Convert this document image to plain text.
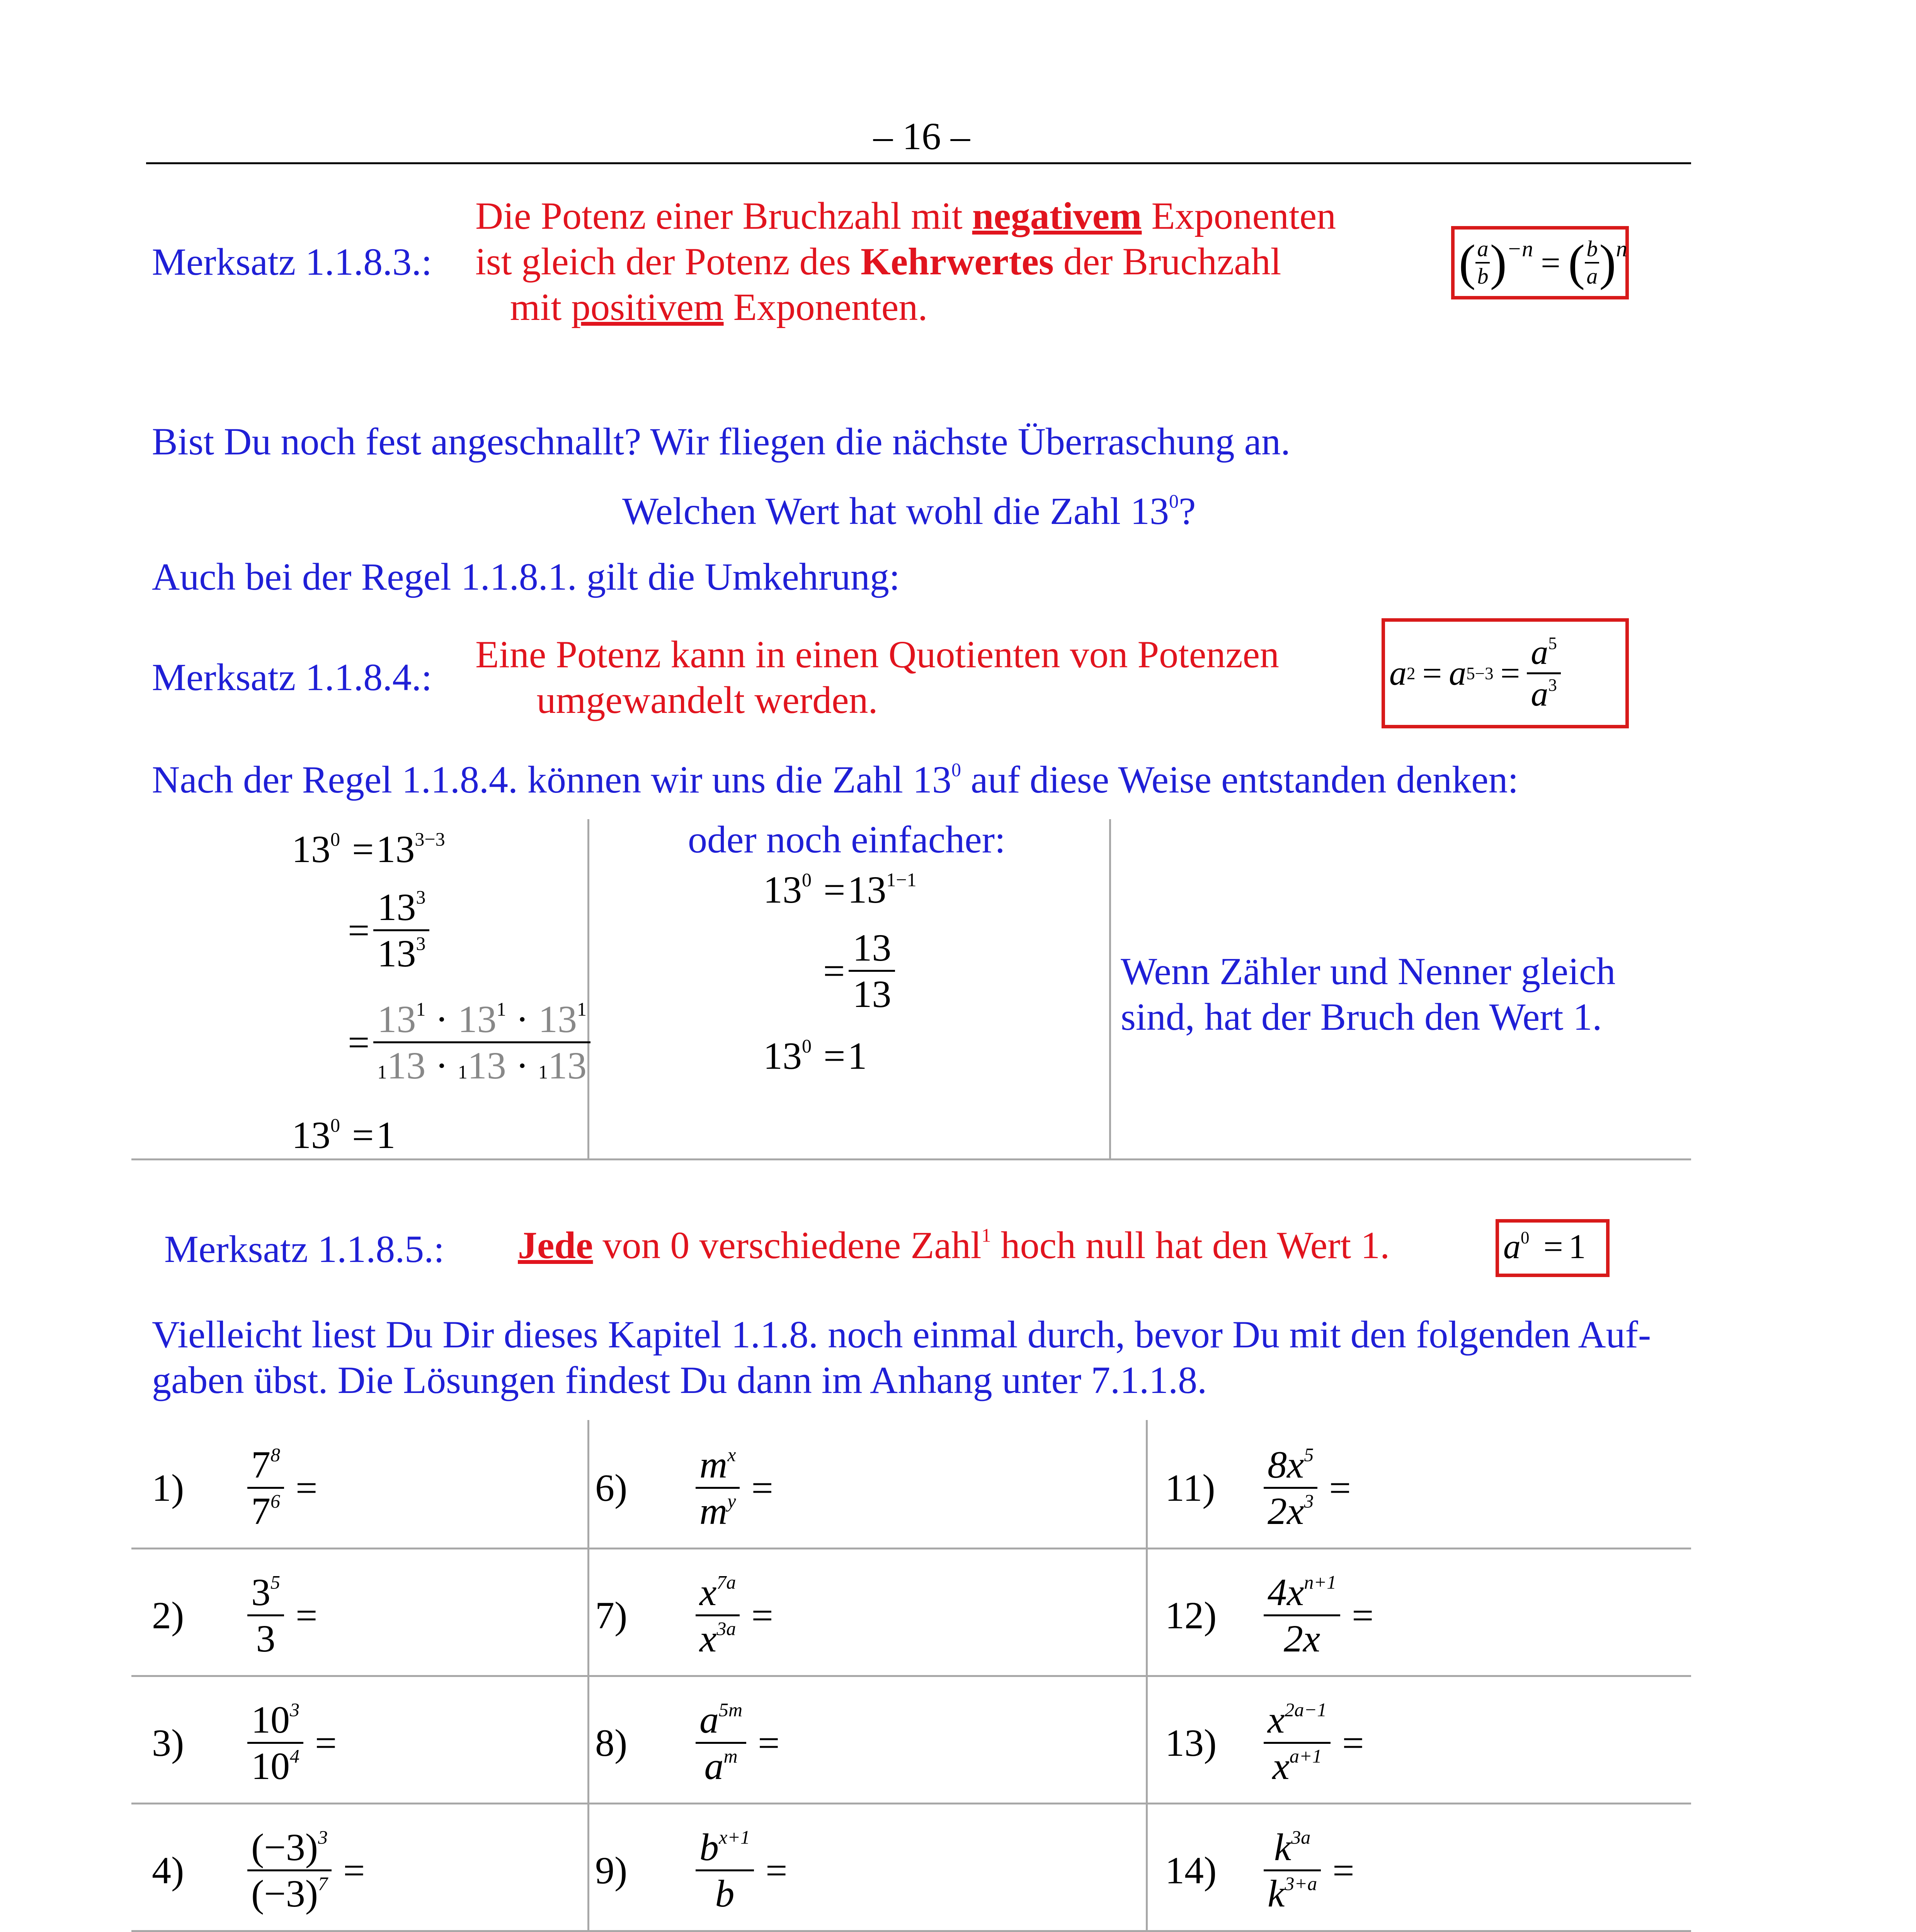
– 16 –
Merksatz 1.1.8.3.:
Die Potenz einer Bruchzahl mit negativem Exponenten
ist gleich der Potenz des Kehrwertes der Bruchzahl
mit positivem Exponenten.
( $\frac{a}{b}$ ) −n = ( $\frac{b}{a}$ ) n
Bist Du noch fest angeschnallt? Wir fliegen die nächste Überraschung an.
Welchen Wert hat wohl die Zahl $13^0$?
Auch bei der Regel 1.1.8.1. gilt die Umkehrung:
Merksatz 1.1.8.4.:
Eine Potenz kann in einen Quotienten von Potenzen
umgewandelt werden.
a 2 = a $5-3 = \frac{a^5}{a^3}$
Nach der Regel 1.1.8.4. können wir uns die Zahl $13^0$ auf diese Weise entstanden denken:
$13^0 =13^{3-3}$
= $\frac{13^3}{13^3}$
= $\frac{13^1 \cdot 13^1 \cdot 13^1}{113 \cdot 113 \cdot 113}$
$13^0 =1$
oder noch einfacher:
$13^0 =13^{1-1}$
= $\frac{13}{13}$
$13^0 =1$
Wenn Zähler und Nenner gleich
sind, hat der Bruch den Wert 1.
Merksatz 1.1.8.5.: Jede von 0 verschiedene Zahl$^1$ hoch null hat den Wert 1.	$a^0 = 1$
Vielleicht liest Du Dir dieses Kapitel 1.1.8. noch einmal durch, bevor Du mit den folgenden Auf-
gaben übst. Die Lösungen findest Du dann im Anhang unter 7.1.1.8.
1)	$\frac{7^8}{7^6}$ =	6)	$\frac{m^x}{m^y}$ =	11)	$\frac{8x^5}{2x^3}$ =
2)	$\frac{3^5}{3}$ =	7)	$\frac{x^{7a}}{x^{3a}}$ =	12)	$\frac{4x^{n+1}}{2x}$ =
3)	$\frac{10^3}{10^4}$ =	8)	$\frac{a^{5m}}{a^m}$ =	13)	$\frac{x^{2a-1}}{x^{a+1}}$ =
4)	$\frac{(-3)^3}{(-3)^7}$ =	9)	$\frac{b^{x+1}}{b}$ =	14)	$\frac{k^{3a}}{k^{3+a}}$ =
